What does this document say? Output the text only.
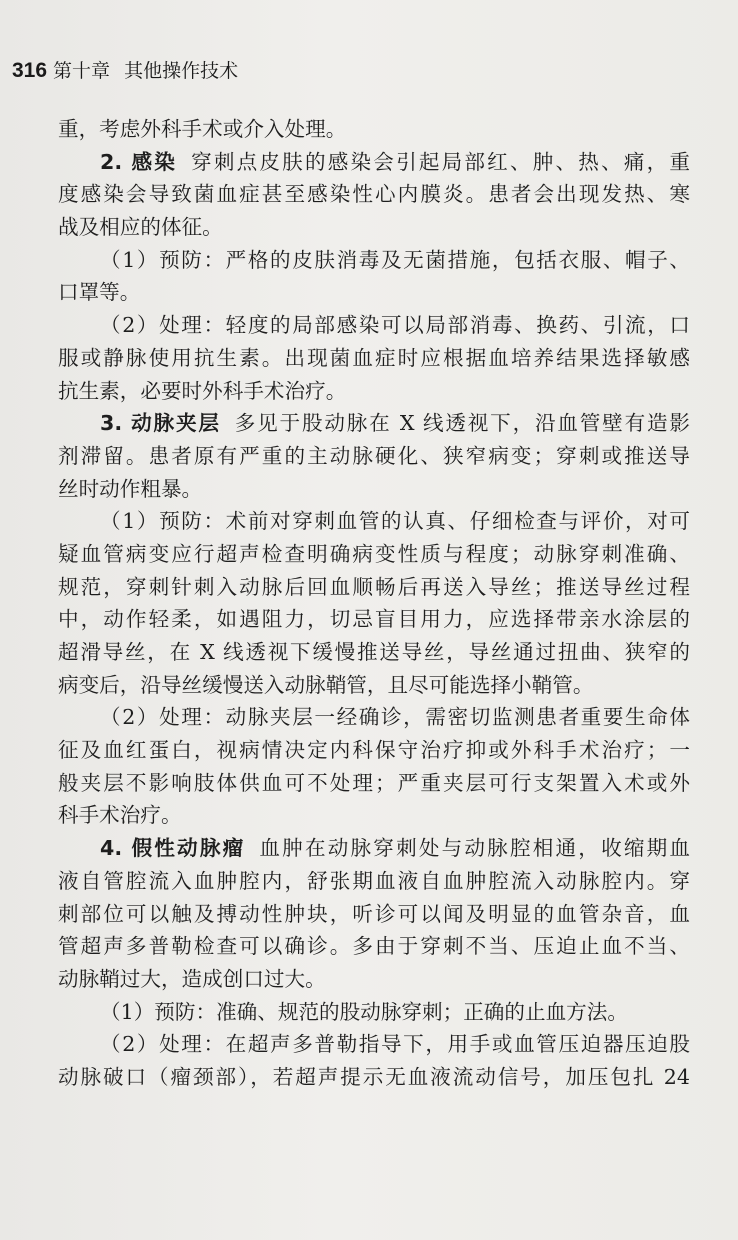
316 第十章 其他操作技术
重，考虑外科手术或介入处理。
2. 感染 穿刺点皮肤的感染会引起局部红、肿、热、痛，重
度感染会导致菌血症甚至感染性心内膜炎。患者会出现发热、寒
战及相应的体征。
（1）预防：严格的皮肤消毒及无菌措施，包括衣服、帽子、
口罩等。
（2）处理：轻度的局部感染可以局部消毒、换药、引流，口
服或静脉使用抗生素。出现菌血症时应根据血培养结果选择敏感
抗生素，必要时外科手术治疗。
3. 动脉夹层 多见于股动脉在 X 线透视下，沿血管壁有造影
剂滞留。患者原有严重的主动脉硬化、狭窄病变；穿刺或推送导
丝时动作粗暴。
（1）预防：术前对穿刺血管的认真、仔细检查与评价，对可
疑血管病变应行超声检查明确病变性质与程度；动脉穿刺准确、
规范，穿刺针刺入动脉后回血顺畅后再送入导丝；推送导丝过程
中，动作轻柔，如遇阻力，切忌盲目用力，应选择带亲水涂层的
超滑导丝，在 X 线透视下缓慢推送导丝，导丝通过扭曲、狭窄的
病变后，沿导丝缓慢送入动脉鞘管，且尽可能选择小鞘管。
（2）处理：动脉夹层一经确诊，需密切监测患者重要生命体
征及血红蛋白，视病情决定内科保守治疗抑或外科手术治疗；一
般夹层不影响肢体供血可不处理；严重夹层可行支架置入术或外
科手术治疗。
4. 假性动脉瘤 血肿在动脉穿刺处与动脉腔相通，收缩期血
液自管腔流入血肿腔内，舒张期血液自血肿腔流入动脉腔内。穿
刺部位可以触及搏动性肿块，听诊可以闻及明显的血管杂音，血
管超声多普勒检查可以确诊。多由于穿刺不当、压迫止血不当、
动脉鞘过大，造成创口过大。
（1）预防：准确、规范的股动脉穿刺；正确的止血方法。
（2）处理：在超声多普勒指导下，用手或血管压迫器压迫股
动脉破口（瘤颈部），若超声提示无血液流动信号，加压包扎 24
